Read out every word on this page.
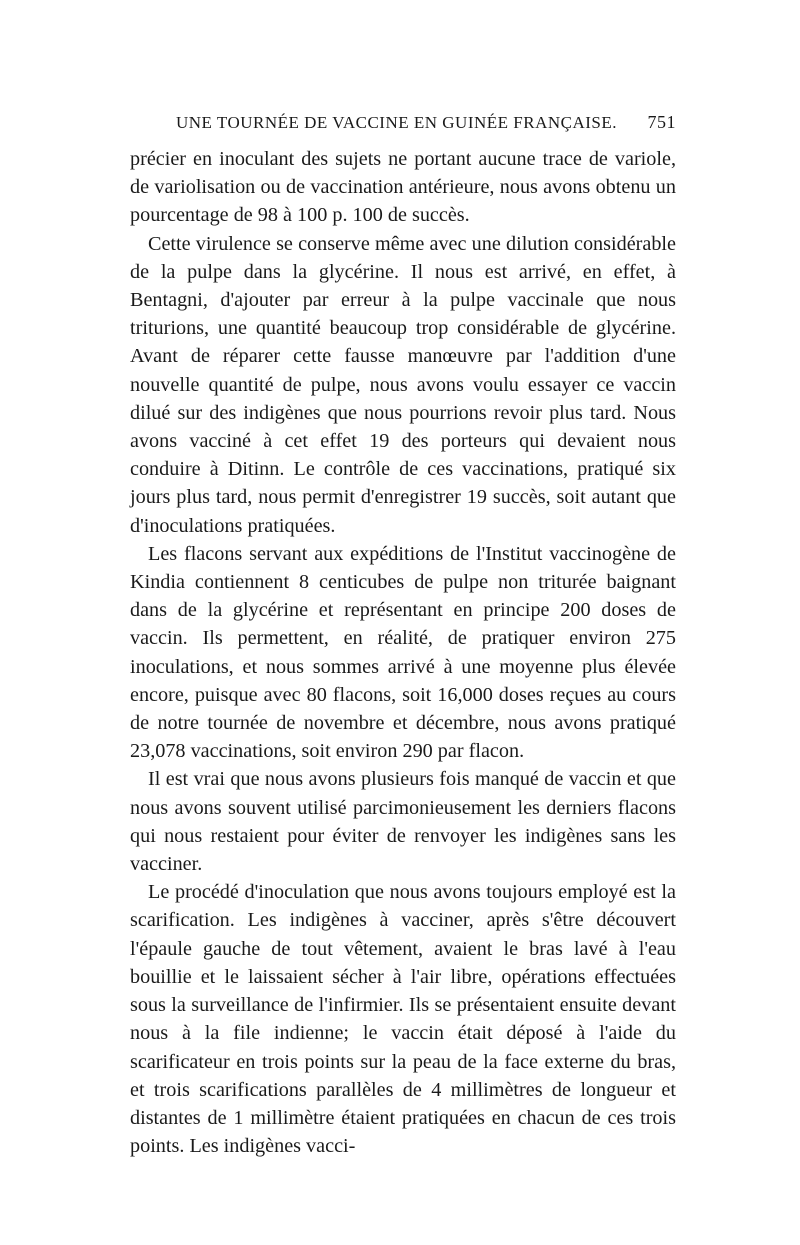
UNE TOURNÉE DE VACCINE EN GUINÉE FRANÇAISE. 751

précier en inoculant des sujets ne portant aucune trace de variole, de variolisation ou de vaccination antérieure, nous avons obtenu un pourcentage de 98 à 100 p. 100 de succès.

Cette virulence se conserve même avec une dilution considérable de la pulpe dans la glycérine. Il nous est arrivé, en effet, à Bentagni, d'ajouter par erreur à la pulpe vaccinale que nous triturions, une quantité beaucoup trop considérable de glycérine. Avant de réparer cette fausse manœuvre par l'addition d'une nouvelle quantité de pulpe, nous avons voulu essayer ce vaccin dilué sur des indigènes que nous pourrions revoir plus tard. Nous avons vacciné à cet effet 19 des porteurs qui devaient nous conduire à Ditinn. Le contrôle de ces vaccinations, pratiqué six jours plus tard, nous permit d'enregistrer 19 succès, soit autant que d'inoculations pratiquées.

Les flacons servant aux expéditions de l'Institut vaccinogène de Kindia contiennent 8 centicubes de pulpe non triturée baignant dans de la glycérine et représentant en principe 200 doses de vaccin. Ils permettent, en réalité, de pratiquer environ 275 inoculations, et nous sommes arrivé à une moyenne plus élevée encore, puisque avec 80 flacons, soit 16,000 doses reçues au cours de notre tournée de novembre et décembre, nous avons pratiqué 23,078 vaccinations, soit environ 290 par flacon.

Il est vrai que nous avons plusieurs fois manqué de vaccin et que nous avons souvent utilisé parcimonieusement les derniers flacons qui nous restaient pour éviter de renvoyer les indigènes sans les vacciner.

Le procédé d'inoculation que nous avons toujours employé est la scarification. Les indigènes à vacciner, après s'être découvert l'épaule gauche de tout vêtement, avaient le bras lavé à l'eau bouillie et le laissaient sécher à l'air libre, opérations effectuées sous la surveillance de l'infirmier. Ils se présentaient ensuite devant nous à la file indienne; le vaccin était déposé à l'aide du scarificateur en trois points sur la peau de la face externe du bras, et trois scarifications parallèles de 4 millimètres de longueur et distantes de 1 millimètre étaient pratiquées en chacun de ces trois points. Les indigènes vacci-
